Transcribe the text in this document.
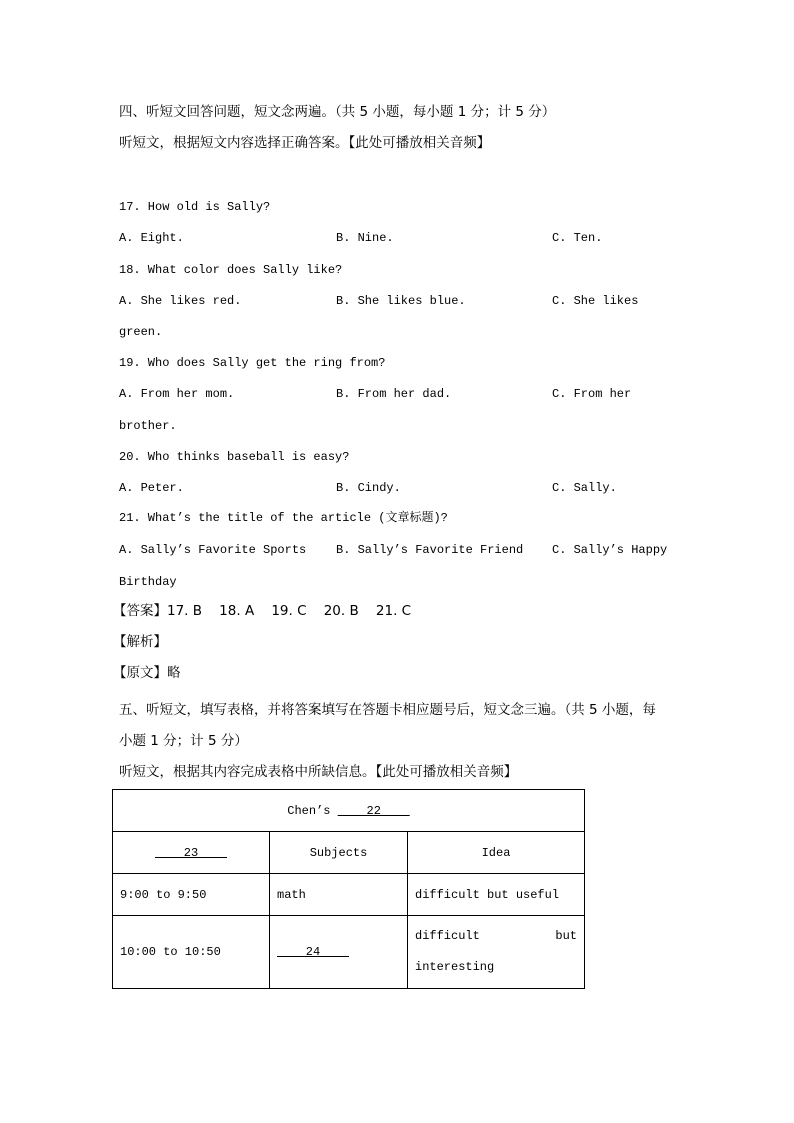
四、听短文回答问题，短文念两遍。（共 5 小题，每小题 1 分；计 5 分）
听短文，根据短文内容选择正确答案。【此处可播放相关音频】
17. How old is Sally?
A. Eight.	B. Nine.	C. Ten.
18. What color does Sally like?
A. She likes red.	B. She likes blue.	C. She likes
green.
19. Who does Sally get the ring from?
A. From her mom.	B. From her dad.	C. From her
brother.
20. Who thinks baseball is easy?
A. Peter.	B. Cindy.	C. Sally.
21. What’s the title of the article (文章标题)?
A. Sally’s Favorite Sports B. Sally’s Favorite Friend C. Sally’s Happy
Birthday
【答案】17. B    18. A    19. C    20. B    21. C
【解析】
【原文】略
五、听短文，填写表格，并将答案填写在答题卡相应题号后，短文念三遍。（共 5 小题，每
小题 1 分；计 5 分）
听短文，根据其内容完成表格中所缺信息。【此处可播放相关音频】
Chen’s     22		
23	Subjects	Idea
9:00 to 9:50	math	difficult but useful
10:00 to 10:50	24	difficult but
interesting
